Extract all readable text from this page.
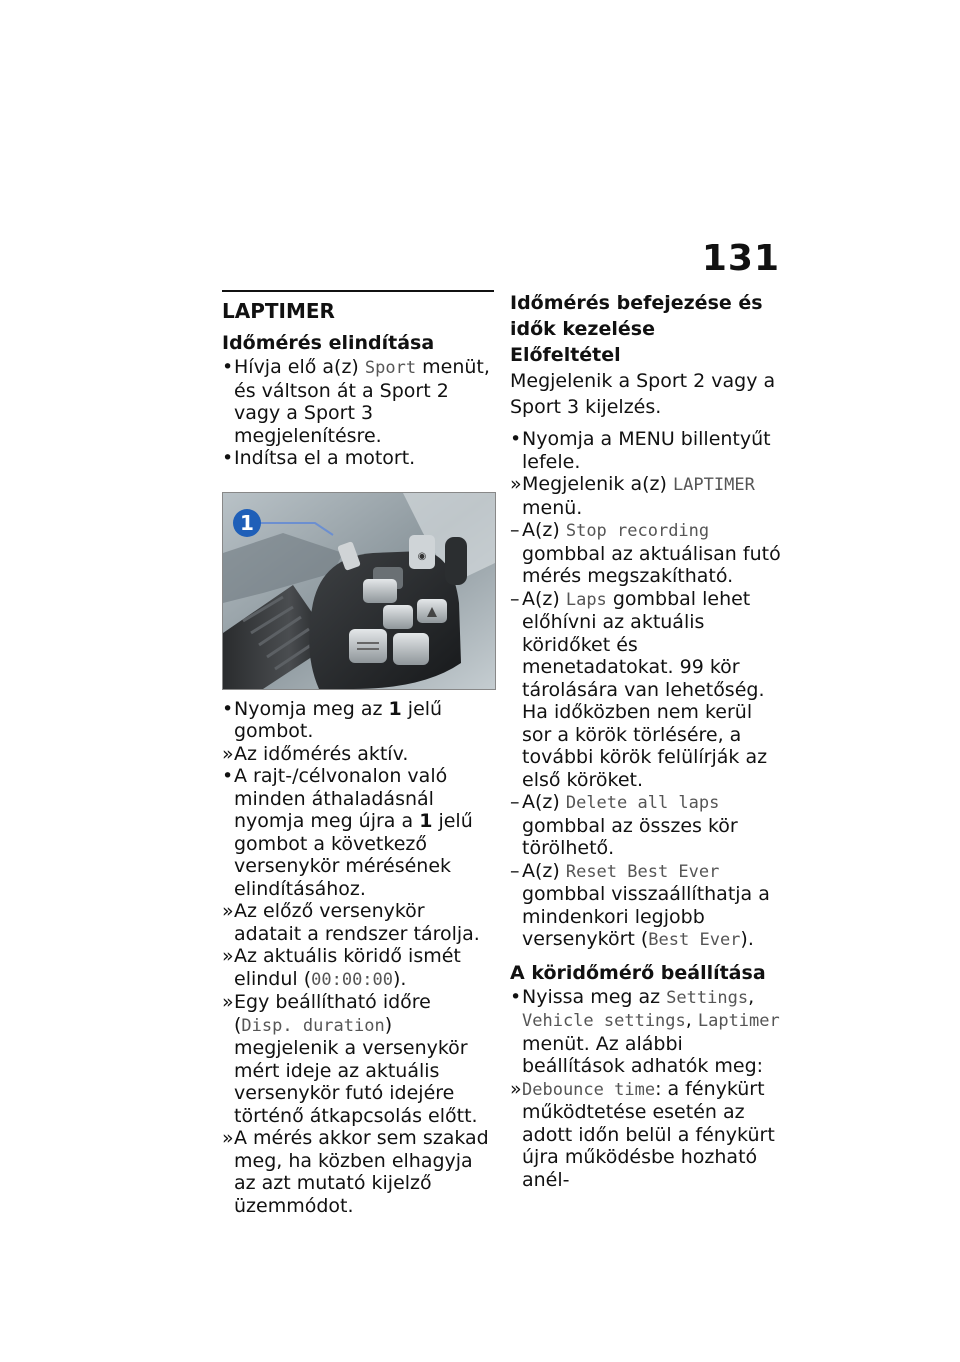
131
LAPTIMER
Időmérés elindítása
• Hívja elő a(z) Sport menüt, és váltson át a Sport 2 vagy a Sport 3 megjelenítésre.
• Indítsa el a motort.
◉
1
• Nyomja meg az 1 jelű gombot.
» Az időmérés aktív.
• A rajt-/célvonalon való minden áthaladásnál nyomja meg újra a 1 jelű gombot a következő versenykör mérésének elindításához.
» Az előző versenykör adatait a rendszer tárolja.
» Az aktuális köridő ismét elindul (00:00:00).
» Egy beállítható időre (Disp. duration) megjelenik a versenykör mért ideje az aktuális versenykör futó idejére történő átkapcsolás előtt.
» A mérés akkor sem szakad meg, ha közben elhagyja az azt mutató kijelző üzemmódot.
Időmérés befejezése és idők kezelése
Előfeltétel
Megjelenik a Sport 2 vagy a Sport 3 kijelzés.
• Nyomja a MENU billentyűt lefele.
» Megjelenik a(z) LAPTIMER menü.
– A(z) Stop recording gombbal az aktuálisan futó mérés megszakítható.
– A(z) Laps gombbal lehet előhívni az aktuális köridőket és menetadatokat. 99 kör tárolására van lehetőség. Ha időközben nem kerül sor a körök törlésére, a további körök felülírják az első köröket.
– A(z) Delete all laps gombbal az összes kör törölhető.
– A(z) Reset Best Ever gombbal visszaállíthatja a mindenkori legjobb versenykört (Best Ever).
A köridőmérő beállítása
• Nyissa meg az Settings, Vehicle settings, Laptimer menüt. Az alábbi beállítások adhatók meg:
» Debounce time: a fénykürt működtetése esetén az adott időn belül a fénykürt újra működésbe hozható anél-
